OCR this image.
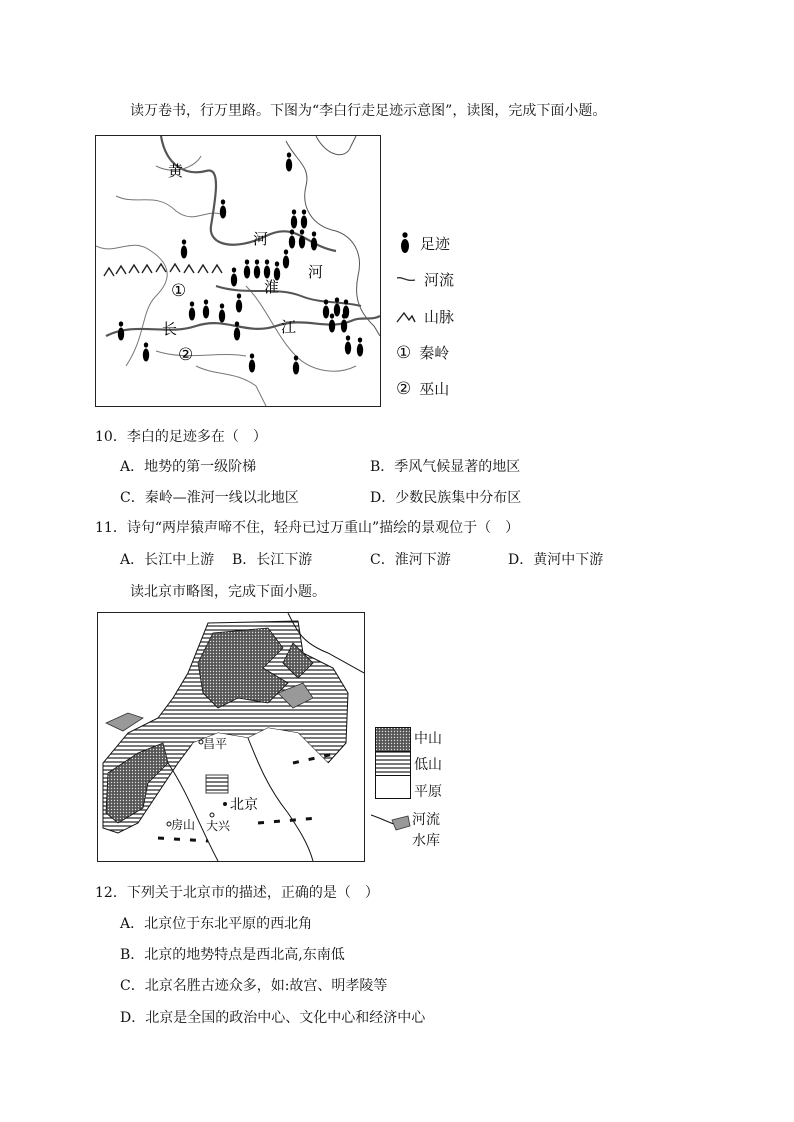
读万卷书，行万里路。下图为“李白行走足迹示意图”，读图，完成下面小题。
黄
河
河
淮
长	江
①
②
足迹
河流
山脉
① 秦岭
② 巫山
10．李白的足迹多在（　）
A．地势的第一级阶梯	B．季风气候显著的地区
C．秦岭—淮河一线以北地区	D．少数民族集中分布区
11．诗句“两岸猿声啼不住，轻舟已过万重山”描绘的景观位于（　）
A．长江中上游 B．长江下游	C．淮河下游	D．黄河中下游
读北京市略图，完成下面小题。
昌平
北京
房山 大兴
中山
低山
平原
河流
水库
12．下列关于北京市的描述，正确的是（　）
A．北京位于东北平原的西北角
B．北京的地势特点是西北高,东南低
C．北京名胜古迹众多，如:故宫、明孝陵等
D．北京是全国的政治中心、文化中心和经济中心
